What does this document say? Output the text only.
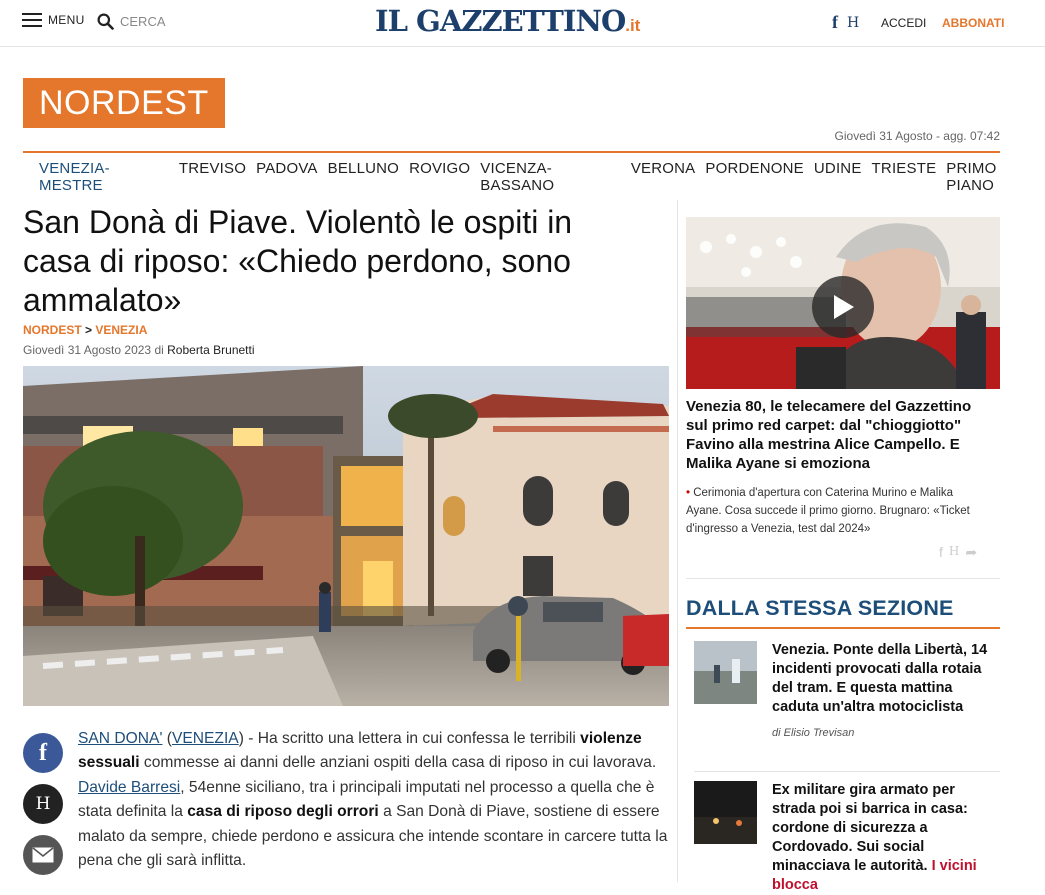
MENU	CERCA	IL GAZZETTINO.it	f H ACCEDI ABBONATI
NORDEST
Giovedì 31 Agosto - agg. 07:42
VENEZIA-MESTRE
TREVISO PADOVA BELLUNO ROVIGO VICENZA-BASSANO
VERONA PORDENONE UDINE TRIESTE PRIMO PIANO
San Donà di Piave. Violentò le ospiti in casa di riposo: «Chiedo perdono, sono ammalato»
NORDEST > VENEZIA
Giovedì 31 Agosto 2023 di Roberta Brunetti
f
H

SAN DONA' (VENEZIA) - Ha scritto una lettera in cui confessa le terribili violenze sessuali commesse ai danni delle anziani ospiti della casa di riposo in cui lavorava. Davide Barresi, 54enne siciliano, tra i principali imputati nel processo a quella che è stata definita la casa di riposo degli orrori a San Donà di Piave, sostiene di essere malato da sempre, chiede perdono e assicura che intende scontare in carcere tutta la pena che gli sarà inflitta.

Venezia 80, le telecamere del Gazzettino sul primo red carpet: dal "chioggiotto" Favino alla mestrina Alice Campello. E Malika Ayane si emoziona
• Cerimonia d'apertura con Caterina Murino e Malika Ayane. Cosa succede il primo giorno. Brugnaro: «Ticket d'ingresso a Venezia, test dal 2024»
f H ➦
DALLA STESSA SEZIONE
Venezia. Ponte della Libertà, 14 incidenti provocati dalla rotaia del tram. E questa mattina caduta un'altra motociclista
di Elisio Trevisan
Ex militare gira armato per strada poi si barrica in casa: cordone di sicurezza a Cordovado. Sui social minacciava le autorità. I vicini blocca
